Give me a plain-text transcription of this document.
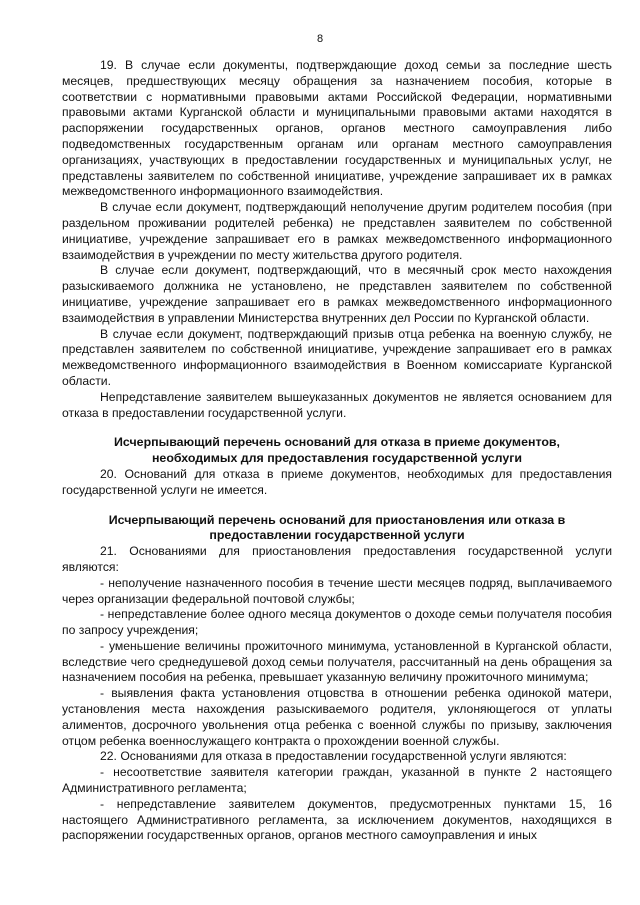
8

19. В случае если документы, подтверждающие доход семьи за последние шесть месяцев, предшествующих месяцу обращения за назначением пособия, которые в соответствии с нормативными правовыми актами Российской Федерации, нормативными правовыми актами Курганской области и муниципальными правовыми актами находятся в распоряжении государственных органов, органов местного самоуправления либо подведомственных государственным органам или органам местного самоуправления организациях, участвующих в предоставлении государственных и муниципальных услуг, не представлены заявителем по собственной инициативе, учреждение запрашивает их в рамках межведомственного информационного взаимодействия.

В случае если документ, подтверждающий неполучение другим родителем пособия (при раздельном проживании родителей ребенка) не представлен заявителем по собственной инициативе, учреждение запрашивает его в рамках межведомственного информационного взаимодействия в учреждении по месту жительства другого родителя.

В случае если документ, подтверждающий, что в месячный срок место нахождения разыскиваемого должника не установлено, не представлен заявителем по собственной инициативе, учреждение запрашивает его в рамках межведомственного информационного взаимодействия в управлении Министерства внутренних дел России по Курганской области.

В случае если документ, подтверждающий призыв отца ребенка на военную службу, не представлен заявителем по собственной инициативе, учреждение запрашивает его в рамках межведомственного информационного взаимодействия в Военном комиссариате Курганской области.

Непредставление заявителем вышеуказанных документов не является основанием для отказа в предоставлении государственной услуги.

Исчерпывающий перечень оснований для отказа в приеме документов, необходимых для предоставления государственной услуги

20. Оснований для отказа в приеме документов, необходимых для предоставления государственной услуги не имеется.

Исчерпывающий перечень оснований для приостановления или отказа в предоставлении государственной услуги

21. Основаниями для приостановления предоставления государственной услуги являются:

- неполучение назначенного пособия в течение шести месяцев подряд, выплачиваемого через организации федеральной почтовой службы;

- непредставление более одного месяца документов о доходе семьи получателя пособия по запросу учреждения;

- уменьшение величины прожиточного минимума, установленной в Курганской области, вследствие чего среднедушевой доход семьи получателя, рассчитанный на день обращения за назначением пособия на ребенка, превышает указанную величину прожиточного минимума;

- выявления факта установления отцовства в отношении ребенка одинокой матери, установления места нахождения разыскиваемого родителя, уклоняющегося от уплаты алиментов, досрочного увольнения отца ребенка с военной службы по призыву, заключения отцом ребенка военнослужащего контракта о прохождении военной службы.

22. Основаниями для отказа в предоставлении государственной услуги являются:

- несоответствие заявителя категории граждан, указанной в пункте 2 настоящего Административного регламента;

- непредставление заявителем документов, предусмотренных пунктами 15, 16 настоящего Административного регламента, за исключением документов, находящихся в распоряжении государственных органов, органов местного самоуправления и иных
